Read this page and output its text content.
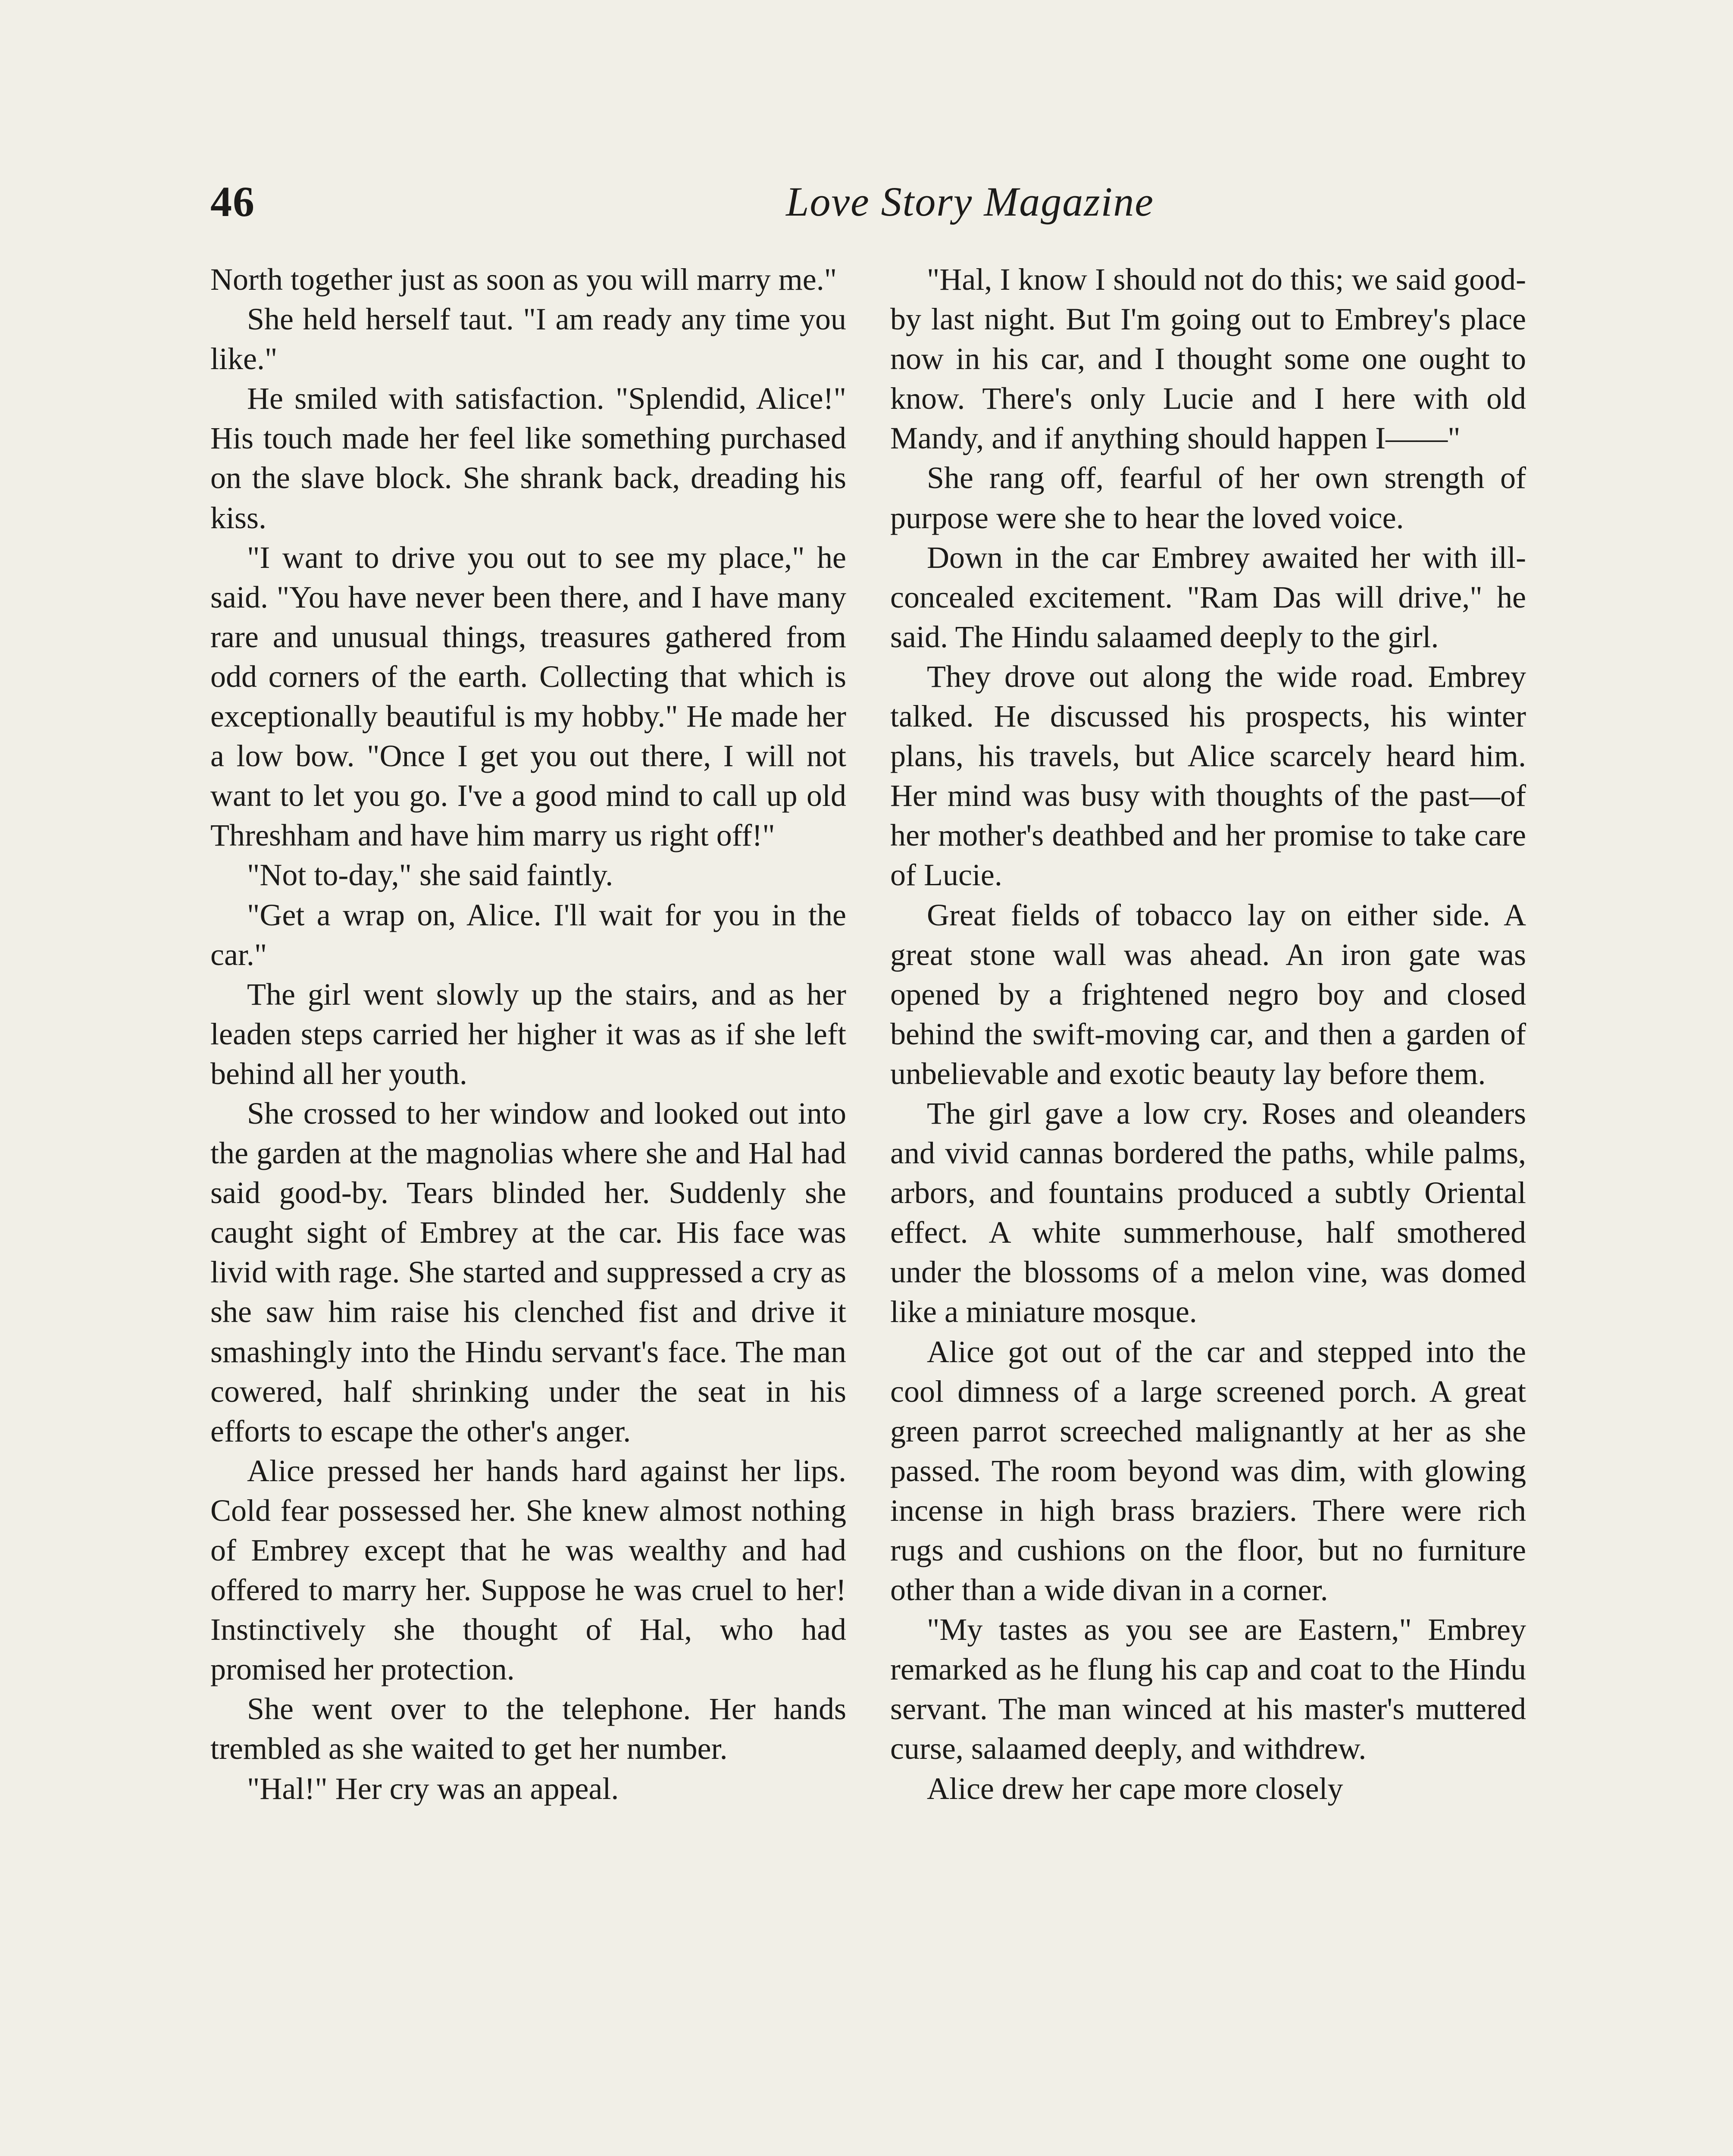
46	Love Story Magazine

North together just as soon as you will marry me."

She held herself taut. "I am ready any time you like."

He smiled with satisfaction. "Splendid, Alice!" His touch made her feel like something purchased on the slave block. She shrank back, dreading his kiss.

"I want to drive you out to see my place," he said. "You have never been there, and I have many rare and unusual things, treasures gathered from odd corners of the earth. Collecting that which is exceptionally beautiful is my hobby." He made her a low bow. "Once I get you out there, I will not want to let you go. I've a good mind to call up old Threshham and have him marry us right off!"

"Not to-day," she said faintly.

"Get a wrap on, Alice. I'll wait for you in the car."

The girl went slowly up the stairs, and as her leaden steps carried her higher it was as if she left behind all her youth.

She crossed to her window and looked out into the garden at the magnolias where she and Hal had said good-by. Tears blinded her. Suddenly she caught sight of Embrey at the car. His face was livid with rage. She started and suppressed a cry as she saw him raise his clenched fist and drive it smashingly into the Hindu servant's face. The man cowered, half shrinking under the seat in his efforts to escape the other's anger.

Alice pressed her hands hard against her lips. Cold fear possessed her. She knew almost nothing of Embrey except that he was wealthy and had offered to marry her. Suppose he was cruel to her! Instinctively she thought of Hal, who had promised her protection.

She went over to the telephone. Her hands trembled as she waited to get her number.

"Hal!" Her cry was an appeal.

"Hal, I know I should not do this; we said good-by last night. But I'm going out to Embrey's place now in his car, and I thought some one ought to know. There's only Lucie and I here with old Mandy, and if anything should happen I——"

She rang off, fearful of her own strength of purpose were she to hear the loved voice.

Down in the car Embrey awaited her with ill-concealed excitement. "Ram Das will drive," he said. The Hindu salaamed deeply to the girl.

They drove out along the wide road. Embrey talked. He discussed his prospects, his winter plans, his travels, but Alice scarcely heard him. Her mind was busy with thoughts of the past—of her mother's deathbed and her promise to take care of Lucie.

Great fields of tobacco lay on either side. A great stone wall was ahead. An iron gate was opened by a frightened negro boy and closed behind the swift-moving car, and then a garden of unbelievable and exotic beauty lay before them.

The girl gave a low cry. Roses and oleanders and vivid cannas bordered the paths, while palms, arbors, and fountains produced a subtly Oriental effect. A white summerhouse, half smothered under the blossoms of a melon vine, was domed like a miniature mosque.

Alice got out of the car and stepped into the cool dimness of a large screened porch. A great green parrot screeched malignantly at her as she passed. The room beyond was dim, with glowing incense in high brass braziers. There were rich rugs and cushions on the floor, but no furniture other than a wide divan in a corner.

"My tastes as you see are Eastern," Embrey remarked as he flung his cap and coat to the Hindu servant. The man winced at his master's muttered curse, salaamed deeply, and withdrew.

Alice drew her cape more closely
